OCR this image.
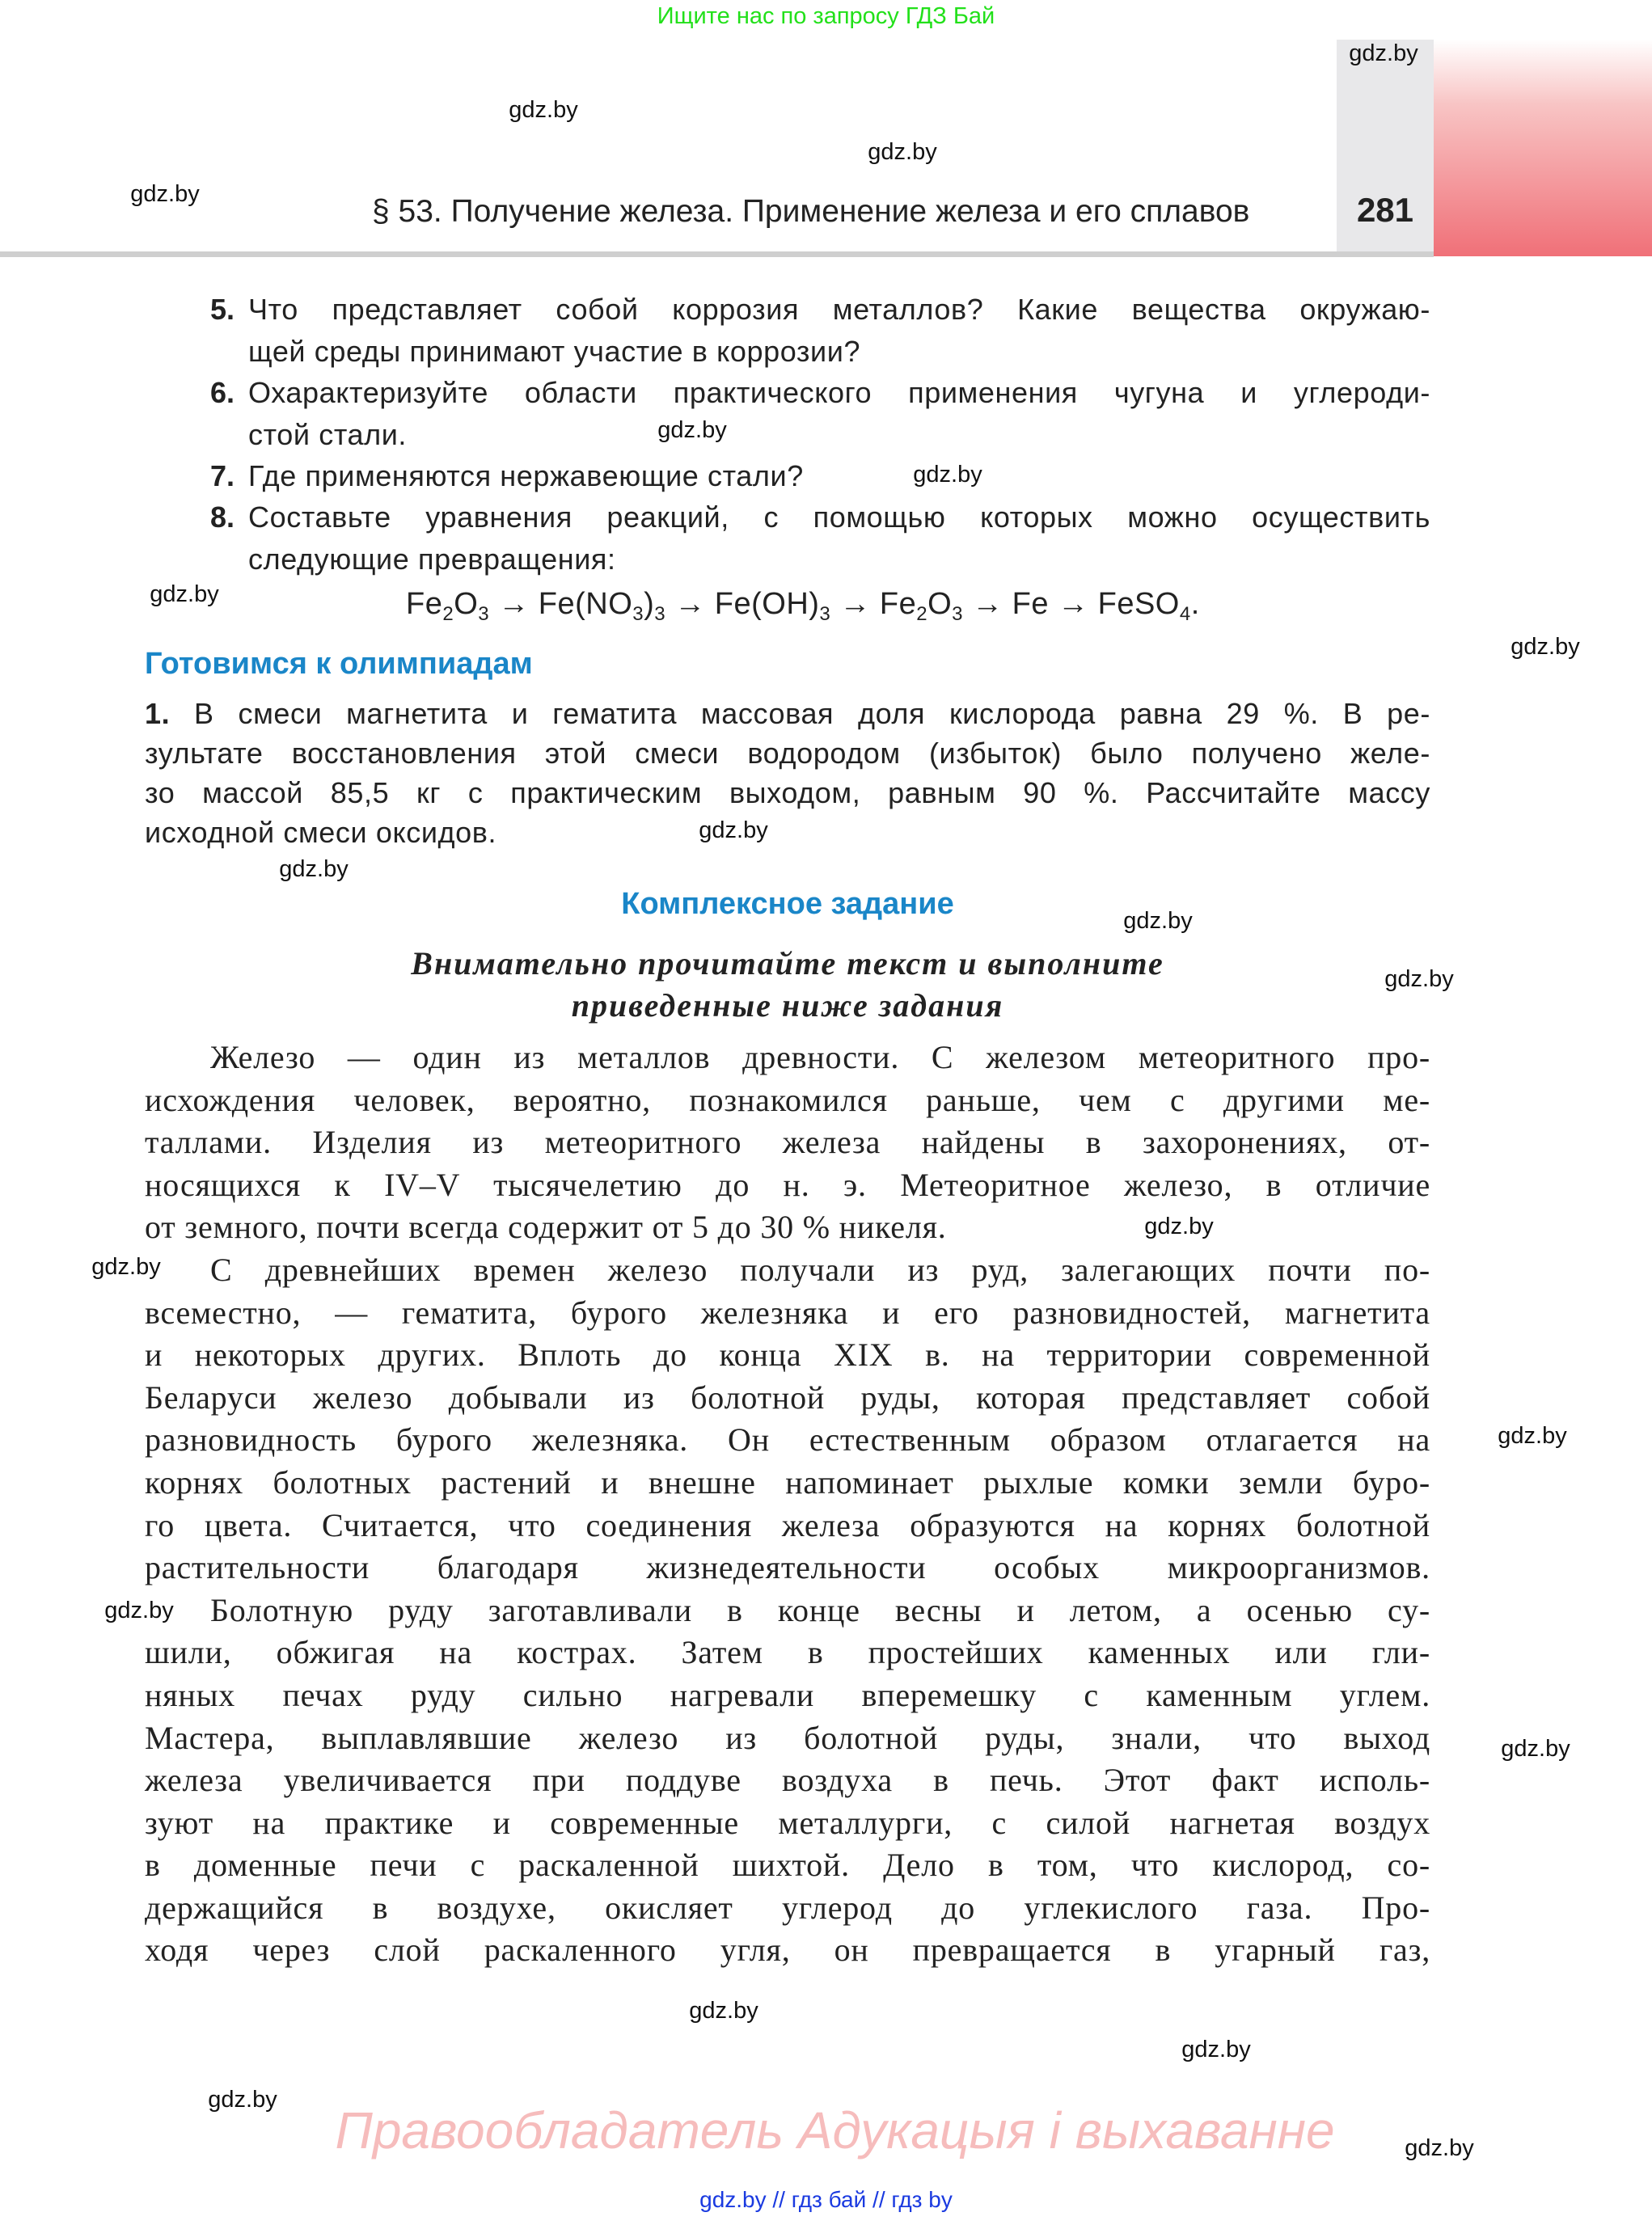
Ищите нас по запросу ГДЗ Бай
§ 53. Получение железа. Применение железа и его сплавов	281
5. Что представляет собой коррозия металлов? Какие вещества окружаю-
щей среды принимают участие в коррозии?
6. Охарактеризуйте области практического применения чугуна и углероди-
стой стали.
7. Где применяются нержавеющие стали?
8. Составьте уравнения реакций, с помощью которых можно осуществить
следующие превращения:
$Fe_2O_3 \to Fe(NO_3)_3 \to Fe(OH)_3 \to Fe_2O_3 \to Fe$ → FeSO$_4$.
Готовимся к олимпиадам
1. В смеси магнетита и гематита массовая доля кислорода равна 29 %. В ре-
зультате восстановления этой смеси водородом (избыток) было получено желе-
зо массой 85,5 кг с практическим выходом, равным 90 %. Рассчитайте массу
исходной смеси оксидов.
Комплексное задание
Внимательно прочитайте текст и выполните
приведенные ниже задания
Железо — один из металлов древности. С железом метеоритного про-
исхождения человек, вероятно, познакомился раньше, чем с другими ме-
таллами. Изделия из метеоритного железа найдены в захоронениях, от-
носящихся к IV–V тысячелетию до н. э. Метеоритное железо, в отличие
от земного, почти всегда содержит от 5 до 30 % никеля.
С древнейших времен железо получали из руд, залегающих почти по-
всеместно, — гематита, бурого железняка и его разновидностей, магнетита
и некоторых других. Вплоть до конца XIX в. на территории современной
Беларуси железо добывали из болотной руды, которая представляет собой
разновидность бурого железняка. Он естественным образом отлагается на
корнях болотных растений и внешне напоминает рыхлые комки земли буро-
го цвета. Считается, что соединения железа образуются на корнях болотной
растительности благодаря жизнедеятельности особых микроорганизмов.
Болотную руду заготавливали в конце весны и летом, а осенью су-
шили, обжигая на кострах. Затем в простейших каменных или гли-
няных печах руду сильно нагревали вперемешку с каменным углем.
Мастера, выплавлявшие железо из болотной руды, знали, что выход
железа увеличивается при поддуве воздуха в печь. Этот факт исполь-
зуют на практике и современные металлурги, с силой нагнетая воздух
в доменные печи с раскаленной шихтой. Дело в том, что кислород, со-
держащийся в воздухе, окисляет углерод до углекислого газа. Про-
ходя через слой раскаленного угля, он превращается в угарный газ,
gdz.by
gdz.by
gdz.by
gdz.by
gdz.by
gdz.by
gdz.by
gdz.by
gdz.by
gdz.by
gdz.by
gdz.by
gdz.by
gdz.by
gdz.by
gdz.by
gdz.by
gdz.by
gdz.by
gdz.by
gdz.by
Правообладатель Адукацыя і выхаванне
gdz.by // гдз бай // гдз by
